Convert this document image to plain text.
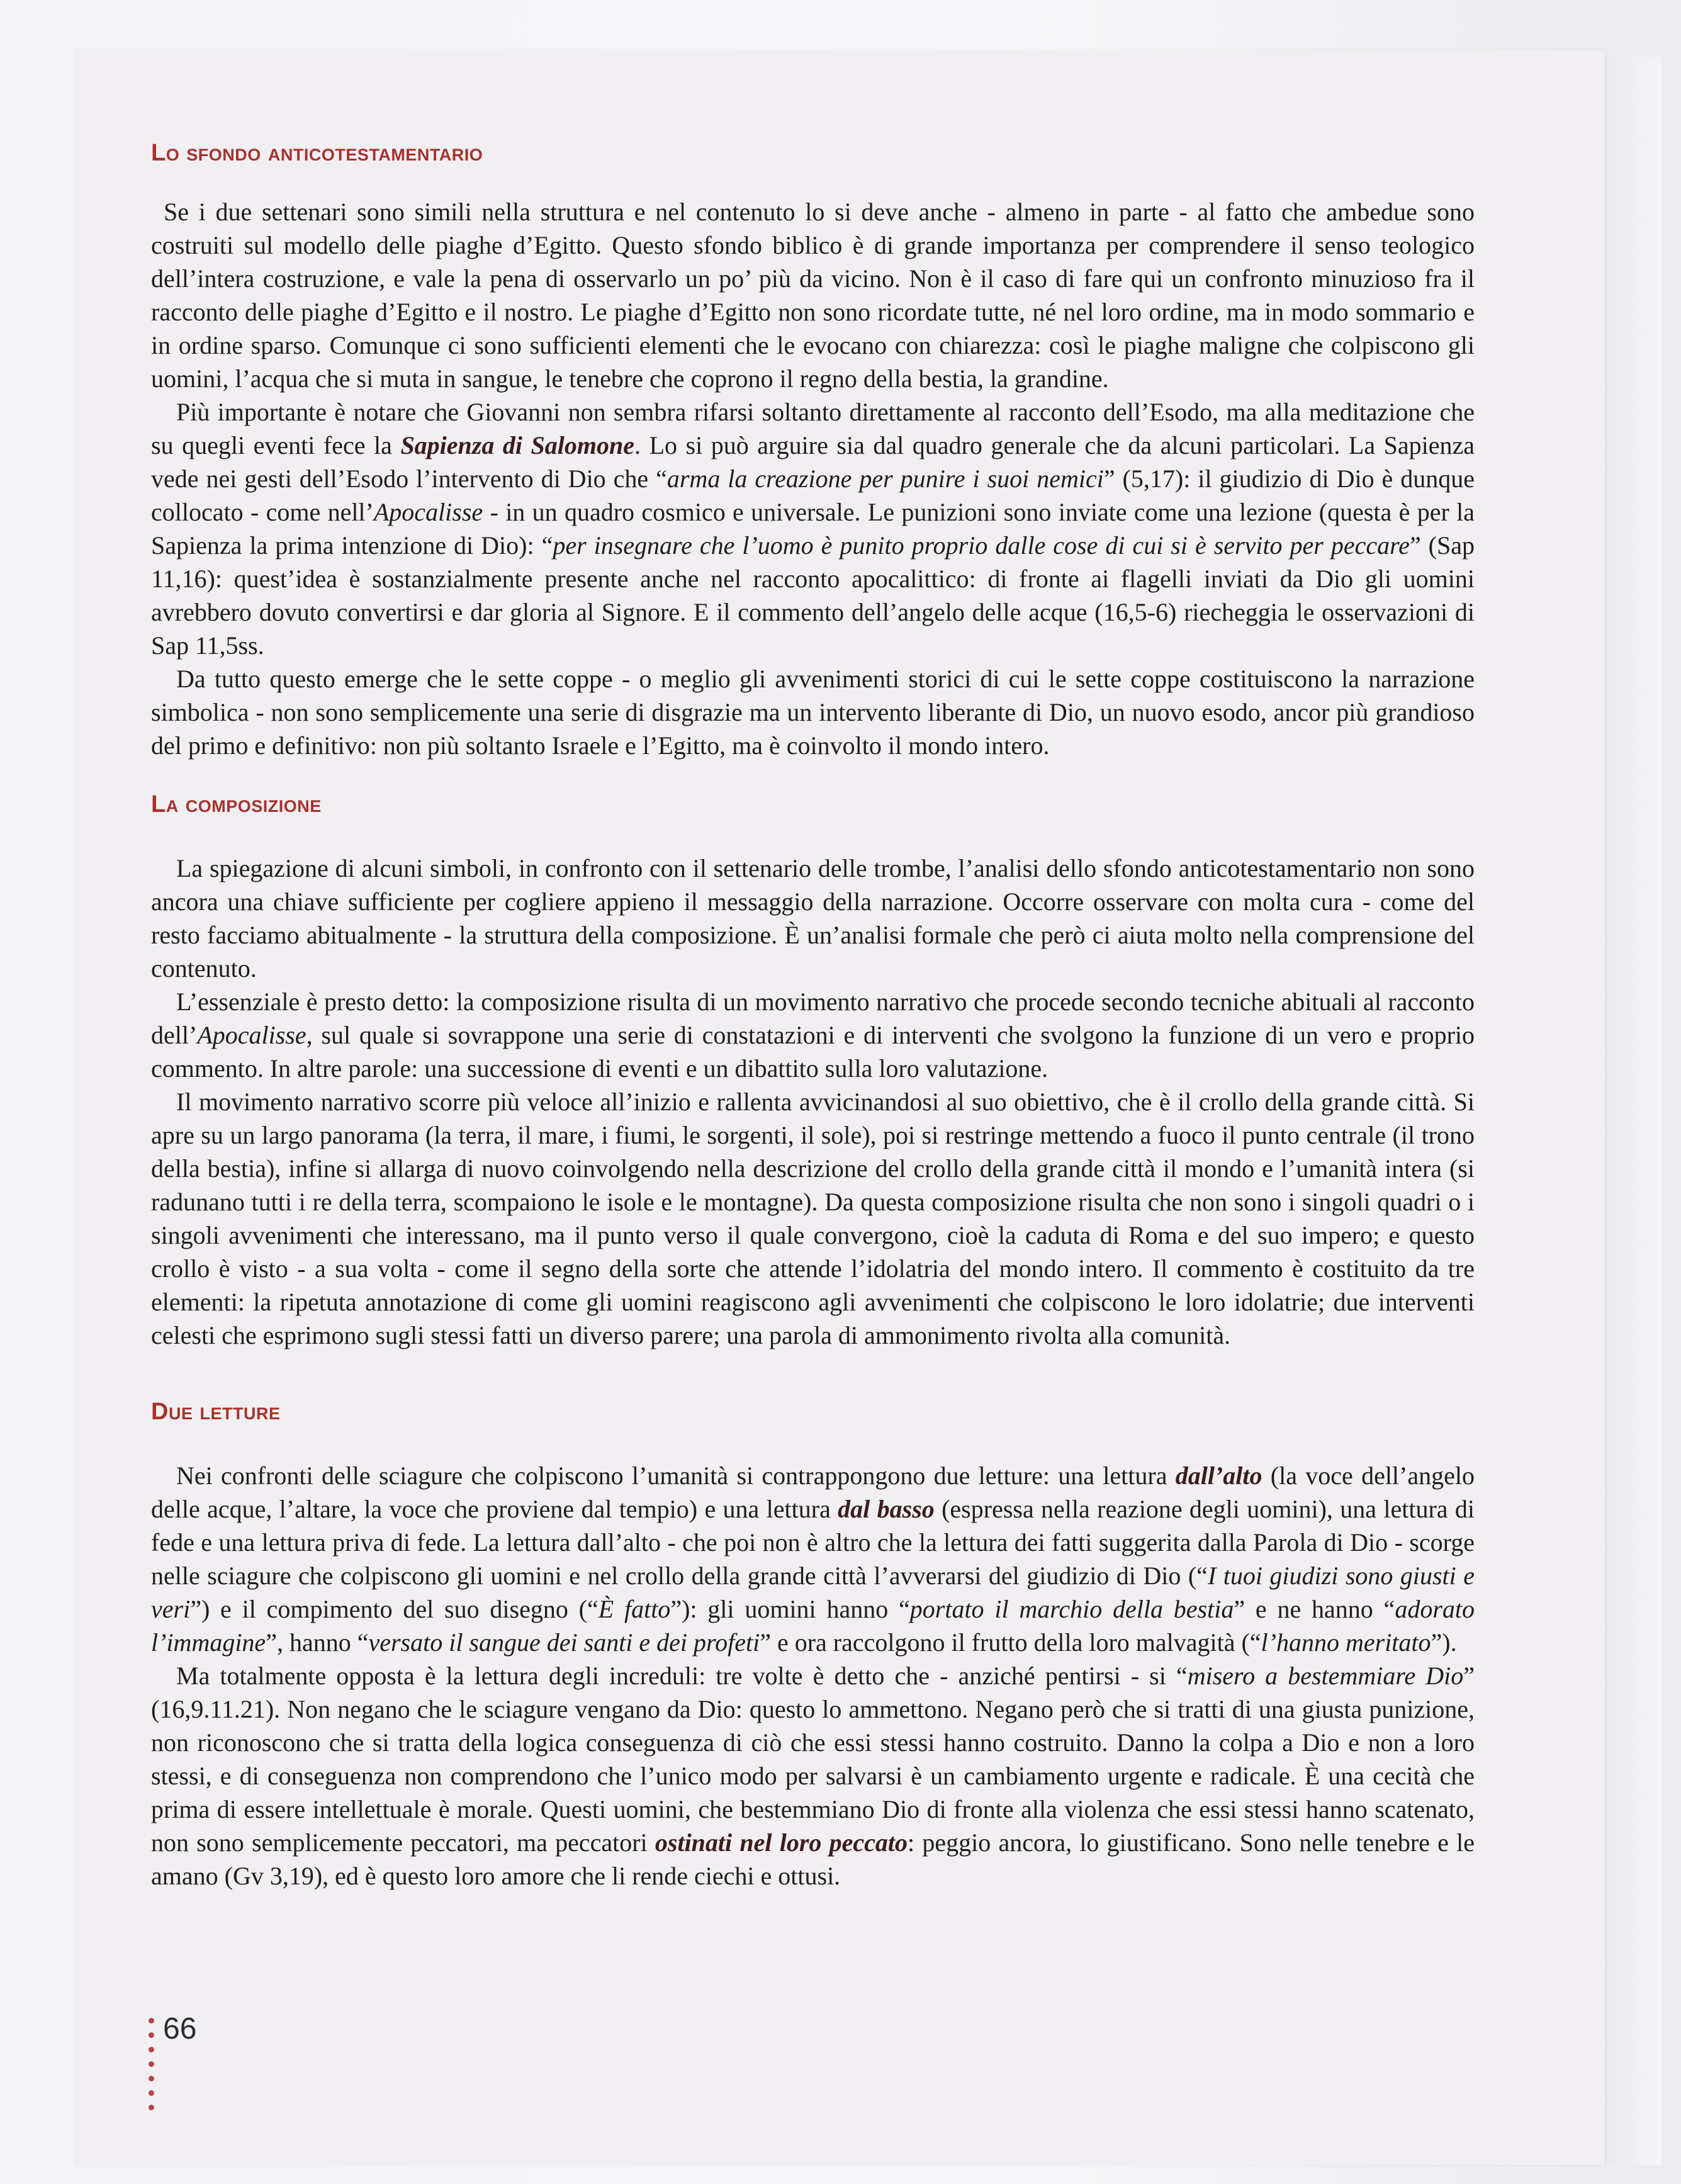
Lo sfondo anticotestamentario

Se i due settenari sono simili nella struttura e nel contenuto lo si deve anche - almeno in parte - al fatto che ambedue sono costruiti sul modello delle piaghe d’Egitto. Questo sfondo biblico è di grande importanza per comprendere il senso teologico dell’intera costruzione, e vale la pena di osservarlo un po’ più da vicino. Non è il caso di fare qui un confronto minuzioso fra il racconto delle piaghe d’Egitto e il nostro. Le piaghe d’Egitto non sono ricordate tutte, né nel loro ordine, ma in modo sommario e in ordine sparso. Comunque ci sono sufficienti elementi che le evocano con chiarezza: così le piaghe maligne che colpiscono gli uomini, l’acqua che si muta in sangue, le tenebre che coprono il regno della bestia, la grandine.

Più importante è notare che Giovanni non sembra rifarsi soltanto direttamente al racconto dell’Esodo, ma alla meditazione che su quegli eventi fece la Sapienza di Salomone. Lo si può arguire sia dal quadro generale che da alcuni particolari. La Sapienza vede nei gesti dell’Esodo l’intervento di Dio che “arma la creazione per punire i suoi nemici” (5,17): il giudizio di Dio è dunque collocato - come nell’Apocalisse - in un quadro cosmico e universale. Le punizioni sono inviate come una lezione (questa è per la Sapienza la prima intenzione di Dio): “per insegnare che l’uomo è punito proprio dalle cose di cui si è servito per peccare” (Sap 11,16): quest’idea è sostanzialmente presente anche nel racconto apocalittico: di fronte ai flagelli inviati da Dio gli uomini avrebbero dovuto convertirsi e dar gloria al Signore. E il commento dell’angelo delle acque (16,5-6) riecheggia le osservazioni di Sap 11,5ss.

Da tutto questo emerge che le sette coppe - o meglio gli avvenimenti storici di cui le sette coppe costituiscono la narrazione simbolica - non sono semplicemente una serie di disgrazie ma un intervento liberante di Dio, un nuovo esodo, ancor più grandioso del primo e definitivo: non più soltanto Israele e l’Egitto, ma è coinvolto il mondo intero.

La composizione

La spiegazione di alcuni simboli, in confronto con il settenario delle trombe, l’analisi dello sfondo anticotestamentario non sono ancora una chiave sufficiente per cogliere appieno il messaggio della narrazione. Occorre osservare con molta cura - come del resto facciamo abitualmente - la struttura della composizione. È un’analisi formale che però ci aiuta molto nella comprensione del contenuto.

L’essenziale è presto detto: la composizione risulta di un movimento narrativo che procede secondo tecniche abituali al racconto dell’Apocalisse, sul quale si sovrappone una serie di constatazioni e di interventi che svolgono la funzione di un vero e proprio commento. In altre parole: una successione di eventi e un dibattito sulla loro valutazione.

Il movimento narrativo scorre più veloce all’inizio e rallenta avvicinandosi al suo obiettivo, che è il crollo della grande città. Si apre su un largo panorama (la terra, il mare, i fiumi, le sorgenti, il sole), poi si restringe mettendo a fuoco il punto centrale (il trono della bestia), infine si allarga di nuovo coinvolgendo nella descrizione del crollo della grande città il mondo e l’umanità intera (si radunano tutti i re della terra, scompaiono le isole e le montagne). Da questa composizione risulta che non sono i singoli quadri o i singoli avvenimenti che interessano, ma il punto verso il quale convergono, cioè la caduta di Roma e del suo impero; e questo crollo è visto - a sua volta - come il segno della sorte che attende l’idolatria del mondo intero. Il commento è costituito da tre elementi: la ripetuta annotazione di come gli uomini reagiscono agli avvenimenti che colpiscono le loro idolatrie; due interventi celesti che esprimono sugli stessi fatti un diverso parere; una parola di ammonimento rivolta alla comunità.

Due letture

Nei confronti delle sciagure che colpiscono l’umanità si contrappongono due letture: una lettura dall’alto (la voce dell’angelo delle acque, l’altare, la voce che proviene dal tempio) e una lettura dal basso (espressa nella reazione degli uomini), una lettura di fede e una lettura priva di fede. La lettura dall’alto - che poi non è altro che la lettura dei fatti suggerita dalla Parola di Dio - scorge nelle sciagure che colpiscono gli uomini e nel crollo della grande città l’avverarsi del giudizio di Dio (“I tuoi giudizi sono giusti e veri”) e il compimento del suo disegno (“È fatto”): gli uomini hanno “portato il marchio della bestia” e ne hanno “adorato l’immagine”, hanno “versato il sangue dei santi e dei profeti” e ora raccolgono il frutto della loro malvagità (“l’hanno meritato”).

Ma totalmente opposta è la lettura degli increduli: tre volte è detto che - anziché pentirsi - si “misero a bestemmiare Dio” (16,9.11.21). Non negano che le sciagure vengano da Dio: questo lo ammettono. Negano però che si tratti di una giusta punizione, non riconoscono che si tratta della logica conseguenza di ciò che essi stessi hanno costruito. Danno la colpa a Dio e non a loro stessi, e di conseguenza non comprendono che l’unico modo per salvarsi è un cambiamento urgente e radicale. È una cecità che prima di essere intellettuale è morale. Questi uomini, che bestemmiano Dio di fronte alla violenza che essi stessi hanno scatenato, non sono semplicemente peccatori, ma peccatori ostinati nel loro peccato: peggio ancora, lo giustificano. Sono nelle tenebre e le amano (Gv 3,19), ed è questo loro amore che li rende ciechi e ottusi.

66
